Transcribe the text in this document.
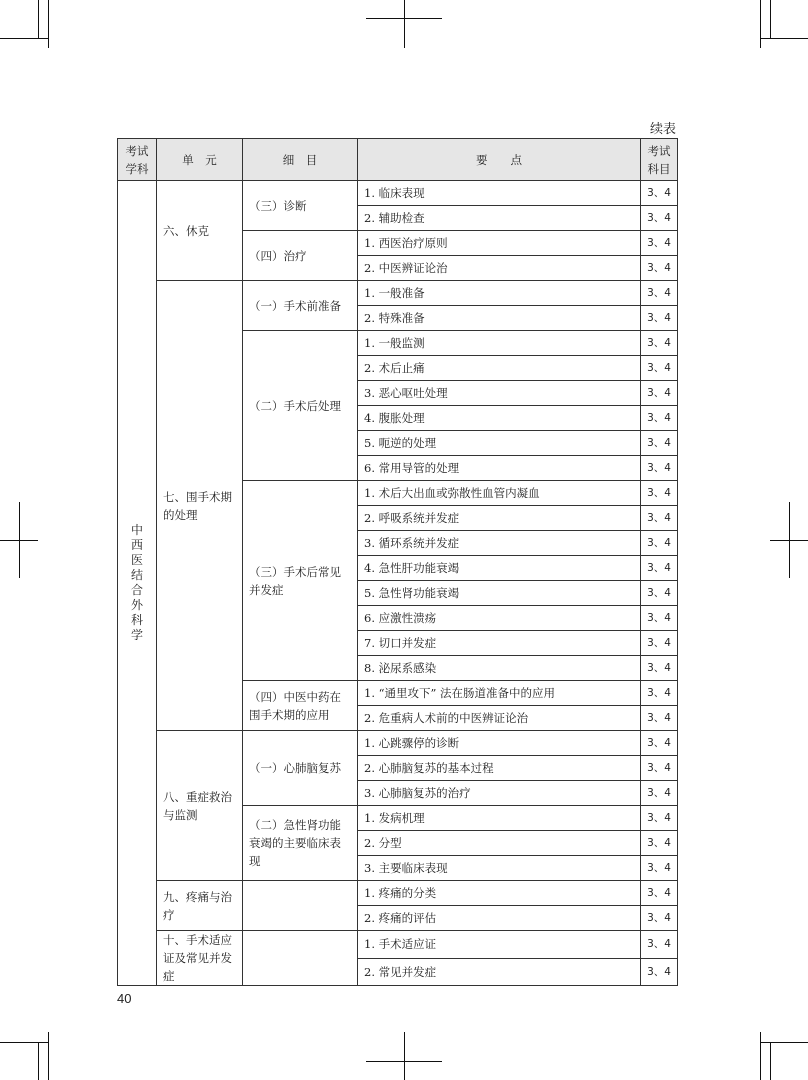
续表
考试学科	单　元	细　目	要　　点	考试科目
中西医结合外科学	六、休克	（三）诊断	1. 临床表现	3、4
			2. 辅助检查	3、4
		（四）治疗	1. 西医治疗原则	3、4
			2. 中医辨证论治	3、4
	七、围手术期的处理	（一）手术前准备	1. 一般准备	3、4
			2. 特殊准备	3、4
		（二）手术后处理	1. 一般监测	3、4
			2. 术后止痛	3、4
			3. 恶心呕吐处理	3、4
			4. 腹胀处理	3、4
			5. 呃逆的处理	3、4
			6. 常用导管的处理	3、4
		（三）手术后常见并发症	1. 术后大出血或弥散性血管内凝血	3、4
			2. 呼吸系统并发症	3、4
			3. 循环系统并发症	3、4
			4. 急性肝功能衰竭	3、4
			5. 急性肾功能衰竭	3、4
			6. 应激性溃疡	3、4
			7. 切口并发症	3、4
			8. 泌尿系感染	3、4
		（四）中医中药在围手术期的应用	1. “通里攻下” 法在肠道准备中的应用	3、4
			2. 危重病人术前的中医辨证论治	3、4
	八、重症救治与监测	（一）心肺脑复苏	1. 心跳骤停的诊断	3、4
			2. 心肺脑复苏的基本过程	3、4
			3. 心肺脑复苏的治疗	3、4
		（二）急性肾功能衰竭的主要临床表现	1. 发病机理	3、4
			2. 分型	3、4
			3. 主要临床表现	3、4
	九、疼痛与治疗		1. 疼痛的分类	3、4
			2. 疼痛的评估	3、4
	十、手术适应证及常见并发症		1. 手术适应证	3、4
			2. 常见并发症	3、4
40
